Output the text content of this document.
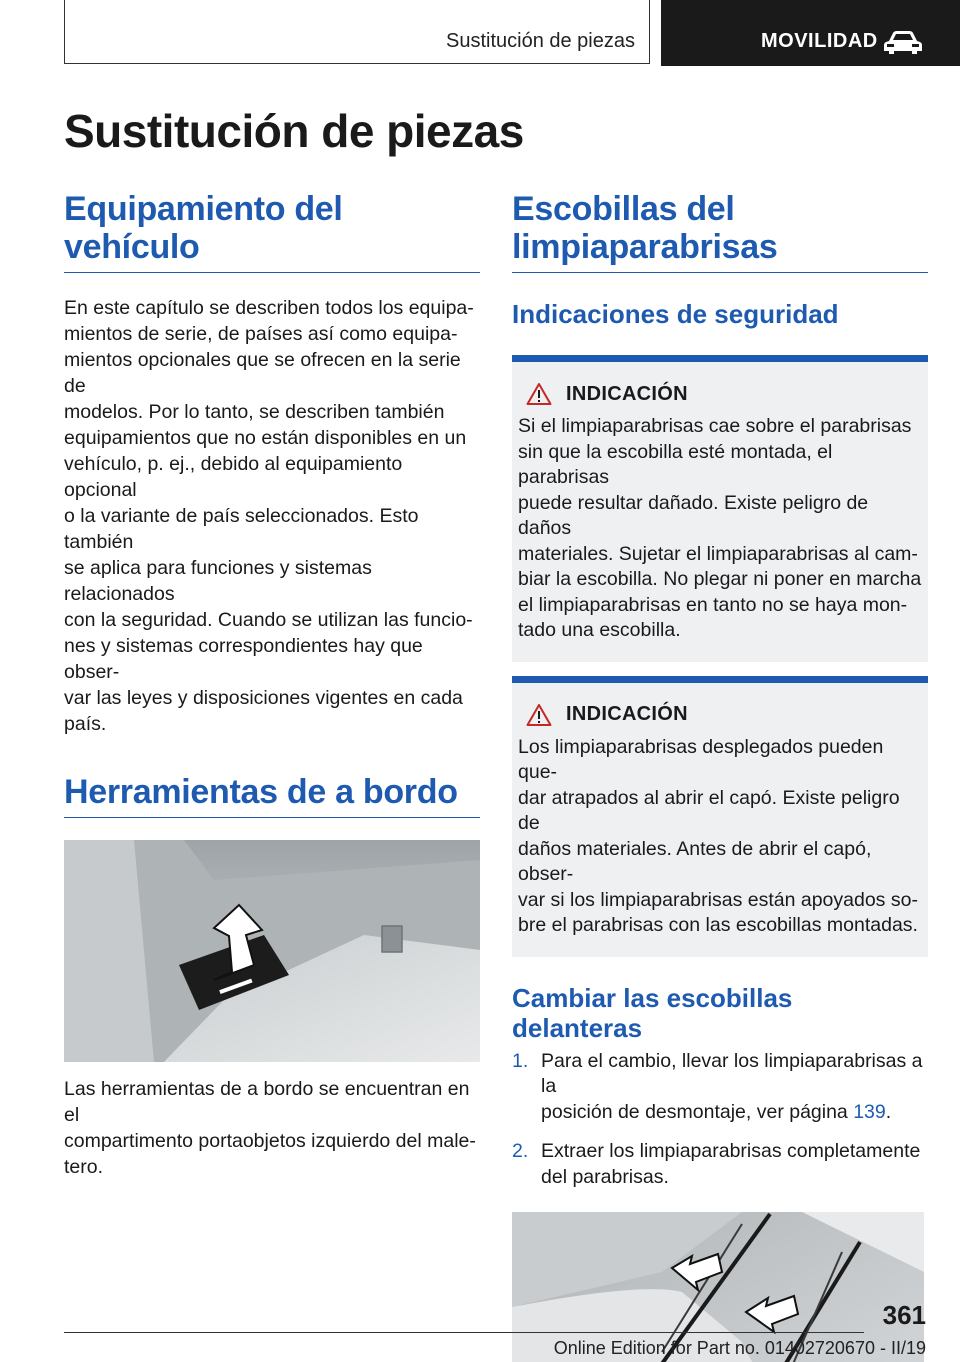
Sustitución de piezas	MOVILIDAD
Sustitución de piezas
Equipamiento del vehículo
En este capítulo se describen todos los equipa-
mientos de serie, de países así como equipa-
mientos opcionales que se ofrecen en la serie de
modelos. Por lo tanto, se describen también
equipamientos que no están disponibles en un
vehículo, p. ej., debido al equipamiento opcional
o la variante de país seleccionados. Esto también
se aplica para funciones y sistemas relacionados
con la seguridad. Cuando se utilizan las funcio-
nes y sistemas correspondientes hay que obser-
var las leyes y disposiciones vigentes en cada
país.
Herramientas de a bordo
Las herramientas de a bordo se encuentran en el
compartimento portaobjetos izquierdo del male-
tero.
Escobillas del
limpiaparabrisas
Indicaciones de seguridad
INDICACIÓN
Si el limpiaparabrisas cae sobre el parabrisas
sin que la escobilla esté montada, el parabrisas
puede resultar dañado. Existe peligro de daños
materiales. Sujetar el limpiaparabrisas al cam-
biar la escobilla. No plegar ni poner en marcha
el limpiaparabrisas en tanto no se haya mon-
tado una escobilla.
INDICACIÓN
Los limpiaparabrisas desplegados pueden que-
dar atrapados al abrir el capó. Existe peligro de
daños materiales. Antes de abrir el capó, obser-
var si los limpiaparabrisas están apoyados so-
bre el parabrisas con las escobillas montadas.
Cambiar las escobillas
delanteras
1. Para el cambio, llevar los limpiaparabrisas a la
posición de desmontaje, ver página 139.
2. Extraer los limpiaparabrisas completamente
del parabrisas.
361
Online Edition for Part no. 01402720670 - II/19
